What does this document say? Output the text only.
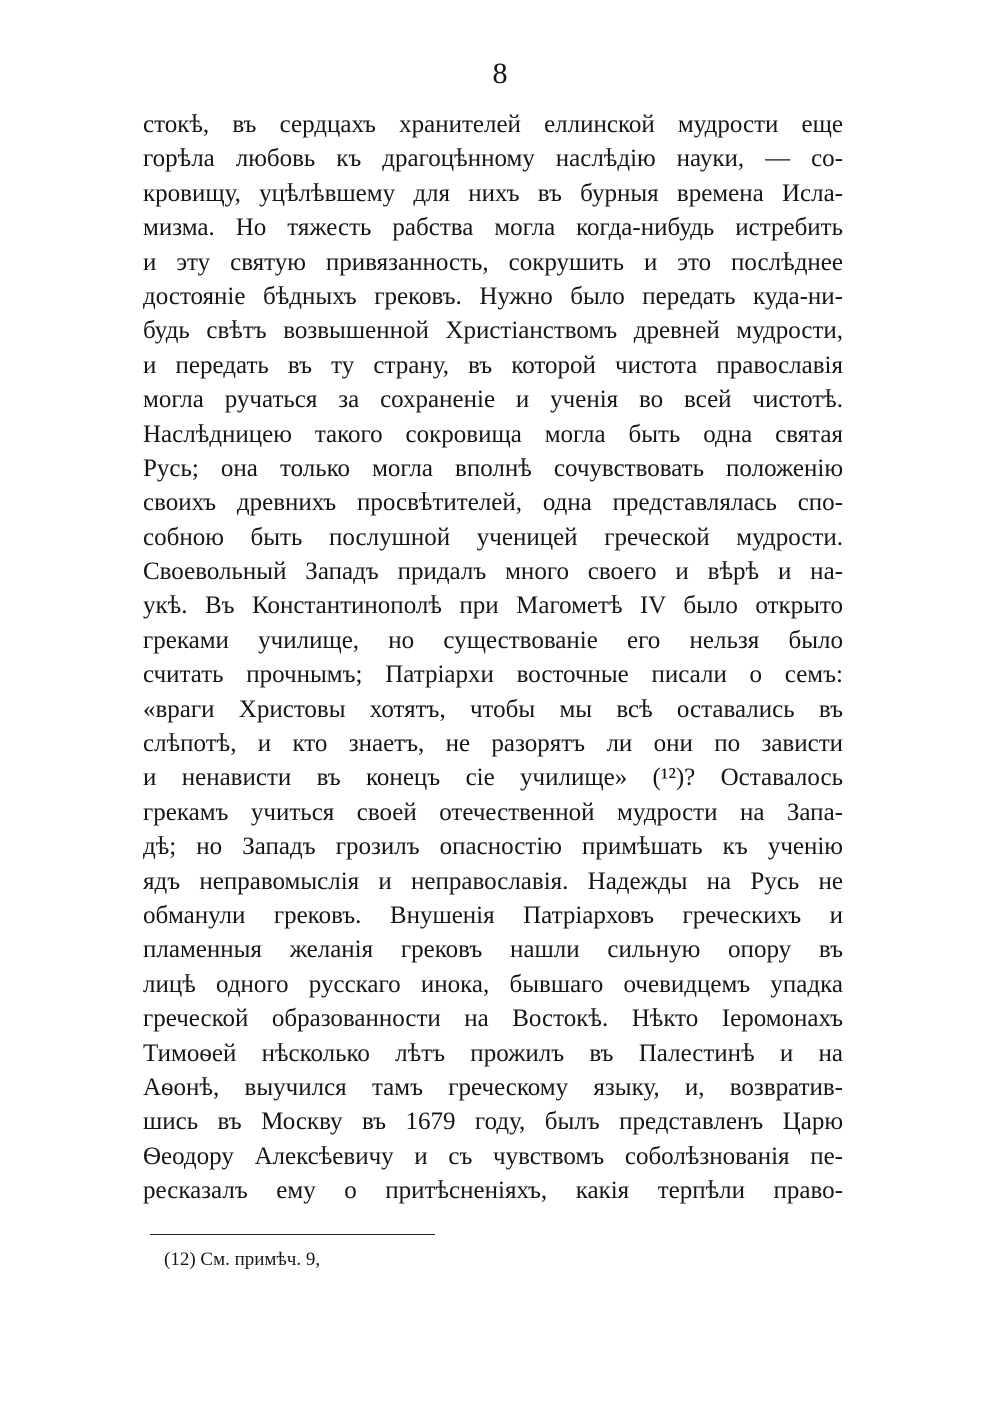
8
стокѣ, въ сердцахъ хранителей еллинской мудрости еще
горѣла любовь къ драгоцѣнному наслѣдію науки, — со-
кровищу, уцѣлѣвшему для нихъ въ бурныя времена Исла-
мизма. Но тяжесть рабства могла когда-нибудь истребить
и эту святую привязанность, сокрушить и это послѣднее
достояніе бѣдныхъ грековъ. Нужно было передать куда-ни-
будь свѣтъ возвышенной Христіанствомъ древней мудрости,
и передать въ ту страну, въ которой чистота православія
могла ручаться за сохраненіе и ученія во всей чистотѣ.
Наслѣдницею такого сокровища могла быть одна святая
Русь; она только могла вполнѣ сочувствовать положенію
своихъ древнихъ просвѣтителей, одна представлялась спо-
собною быть послушной ученицей греческой мудрости.
Своевольный Западъ придалъ много своего и вѣрѣ и на-
укѣ. Въ Константинополѣ при Магометѣ IV было открыто
греками училище, но существованіе его нельзя было
считать прочнымъ; Патріархи восточные писали о семъ:
«враги Христовы хотятъ, чтобы мы всѣ оставались въ
слѣпотѣ, и кто знаетъ, не разорятъ ли они по зависти
и ненависти въ конецъ сіе училище» (¹²)? Оставалось
грекамъ учиться своей отечественной мудрости на Запа-
дѣ; но Западъ грозилъ опасностію примѣшать къ ученію
ядъ неправомыслія и неправославія. Надежды на Русь не
обманули грековъ. Внушенія Патріарховъ греческихъ и
пламенныя желанія грековъ нашли сильную опору въ
лицѣ одного русскаго инока, бывшаго очевидцемъ упадка
греческой образованности на Востокѣ. Нѣкто Іеромонахъ
Тимоѳей нѣсколько лѣтъ прожилъ въ Палестинѣ и на
Аѳонѣ, выучился тамъ греческому языку, и, возвратив-
шись въ Москву въ 1679 году, былъ представленъ Царю
Ѳеодору Алексѣевичу и съ чувствомъ соболѣзнованія пе-
ресказалъ ему о притѣсненіяхъ, какія терпѣли право-
(12) См. примѣч. 9,
